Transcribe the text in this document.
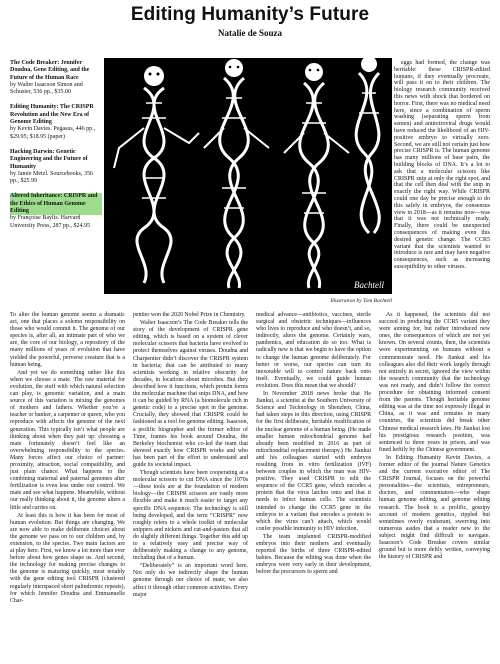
Editing Humanity’s Future
Natalie de Souza
The Code Breaker: Jennifer Doudna, Gene Editing, and the Future of the Human Race
by Walter Isaacson Simon and Schuster, 536 pp., $35.00
Editing Humanity: The CRISPR Revolution and the New Era of Genome Editing
by Kevin Davies. Pegasus, 446 pp., $29.95; $18.95 (paper)
Hacking Darwin: Genetic Engineering and the Future of Humanity
by Jamie Metzl. Sourcebooks, 356 pp., $25.99
Altered Inheritance: CRISPR and the Ethics of Human Genome Editing
by Françoise Baylis. Harvard University Press, 287 pp., $24.95
Bachtell
Illustration by Tom Bachtell

eggs had formed, the change was heritable: these CRISPR-edited humans, if they eventually procreate, will pass it on to their children. The biology research community received this news with shock that bordered on horror. First, there was no medical need here, since a combination of sperm washing (separating sperm from semen) and antiretroviral drugs would have reduced the likelihood of an HIV-positive embryo to virtually zero. Second, we are still not certain just how precise CRISPR is. The human genome has many millions of base pairs, the building blocks of DNA. It’s a lot to ask that a molecular scissors like CRISPR snip at only the right spot, and that the cell then deal with the snip in exactly the right way. While CRISPR could one day be precise enough to do this safely in embryos, the consensus view in 2018—as it remains now—was that it was not technically ready. Finally, there could be unexpected consequences of making even this desired genetic change. The CCR5 variant that the scientists wanted to introduce is rare and may have negative consequences, such as increasing susceptibility to other viruses.

To alter the human genome seems a dramatic act, one that places a solemn responsibility on those who would commit it. The genome of our species is, after all, an intimate part of who we are, the core of our biology, a repository of the many millions of years of evolution that have yielded the powerful, perverse creature that is a human being.

And yet we do something rather like this when we choose a mate. The raw material for evolution, the stuff with which natural selection can play, is genomic variation, and a main source of this variation is mixing the genomes of mothers and fathers. Whether you’re a teacher or banker, a carpenter or queen, who you reproduce with affects the genome of the next generation. This typically isn’t what people are thinking about when they pair up: choosing a mate fortunately doesn’t feel like an overwhelming responsibility to the species. Many forces affect our choice of partner: proximity, attraction, social compatibility, and just plain chance. What happens to the combining maternal and paternal genomes after fertilization is even less under our control. We mate and see what happens. Meanwhile, without our really thinking about it, the genome alters a little and carries on.

At least this is how it has been for most of human evolution. But things are changing. We are now able to make deliberate choices about the genome we pass on to our children and, by extension, to the species. Two main factors are at play here. First, we know a lot more than ever before about how genes shape us. And second, the technology for making precise changes to the genome is maturing quickly, most notably with the gene editing tool CRISPR (clustered regularly interspaced short palindromic repeats), for which Jennifer Doudna and Emmanuelle Char-

pentier won the 2020 Nobel Prize in Chemistry.

Walter Isaacson’s The Code Breaker tells the story of the development of CRISPR gene editing, which is based on a system of clever molecular scissors that bacteria have evolved to protect themselves against viruses. Doudna and Charpentier didn’t discover the CRISPR system in bacteria; that can be attributed to many scientists working in relative obscurity for decades, in locations about microbes. But they described how it functions, which protein forms the molecular machine that snips DNA, and how it can be guided by RNA (a biomolecule rich in genetic code) to a precise spot in the genome. Crucially, they showed that CRISPR could be fashioned as a tool for genome editing. Isaacson, a prolific biographer and the former editor of Time, frames his book around Doudna, the Berkeley biochemist who co-led the team that showed exactly how CRISPR works and who has been part of the effort to understand and guide its societal impact.

Though scientists have been cooperating at a molecular scissors to cut DNA since the 1970s—these tools are at the foundation of modern biology—the CRISPR scissors are vastly more flexible and make it much easier to target any specific DNA sequence. The technology is still being developed, and the term “CRISPR” now roughly refers to a whole toolkit of molecular snippers and nickers and cut-and-pasters that all do slightly different things. Together this add up to a relatively easy and precise way of deliberately making a change to any genome, including that of a human.

“Deliberately” is an important word here. Not only do we indirectly shape the human genome through our choice of mate; we also affect it through other common activities. Every major

medical advance—antibiotics, vaccines, sterile surgical and obstetric techniques—influences who lives to reproduce and who doesn’t, and so, indirectly, alters the genome. Certainly wars, pandemics, and education do so too. What is radically new is that we begin to have the option to change the human genome deliberately. For better or worse, our species can turn its inexorable will to control nature back onto itself. Eventually, we could guide human evolution. Does this mean that we should?

In November 2018 news broke that He Jiankui, a scientist at the Southern University of Science and Technology in Shenzhen, China, had taken steps in this direction, using CRISPR for the first deliberate, heritable modification of the nuclear genome of a human being. (He made smaller human mitochondrial genome had already been modified in 2016 as part of mitochondrial replacement therapy.) He Jiankui and his colleagues started with embryos resulting from in vitro fertilization (IVF) between couples in which the man was HIV-positive. They used CRISPR to edit the sequence of the CCR5 gene, which encodes a protein that the virus latches onto and that it needs to infect human cells. The scientists intended to change the CCR5 gene in the embryos to a variant that encodes a protein to which the virus can’t attach, which would confer possible immunity to HIV infection.

The team implanted CRISPR-modified embryos into their mothers and eventually reported the births of three CRISPR-edited babies. Because the editing was done when the embryos were very early in their development, before the precursors to sperm and

As it happened, the scientists did not succeed in producing the CCR5 variant they were aiming for, but rather introduced new ones, the consequences of which are not yet known. On several counts, then, the scientists were experimenting on humans without a commensurate need. He Jiankui and his colleagues also did their work largely through not entirely in secret, ignored the view within the research community that the technology was not ready, and didn’t follow the correct procedure for obtaining informed consent from the parents. Though heritable genome editing was at the time not expressly illegal in China, as it was and remains in many countries, the scientists did break other Chinese medical research laws. He Jiankui lost his prestigious research position, was sentenced to three years in prison, and was fined heftily by the Chinese government.

In Editing Humanity Kevin Davies, a former editor of the journal Nature Genetics and the current executive editor of The CRISPR Journal, focuses on the powerful personalities—the scientists, entrepreneurs, doctors, and commentators—who shape human genome editing, and genome editing research. The book is a prolific, gossipy account of modern genetics, rippled but sometimes overly exuberant, swerving into numerous asides that a reader new to the subject might find difficult to navigate. Isaacson’s Code Breaker covers similar ground but is more deftly written, conveying the history of CRISPR and
